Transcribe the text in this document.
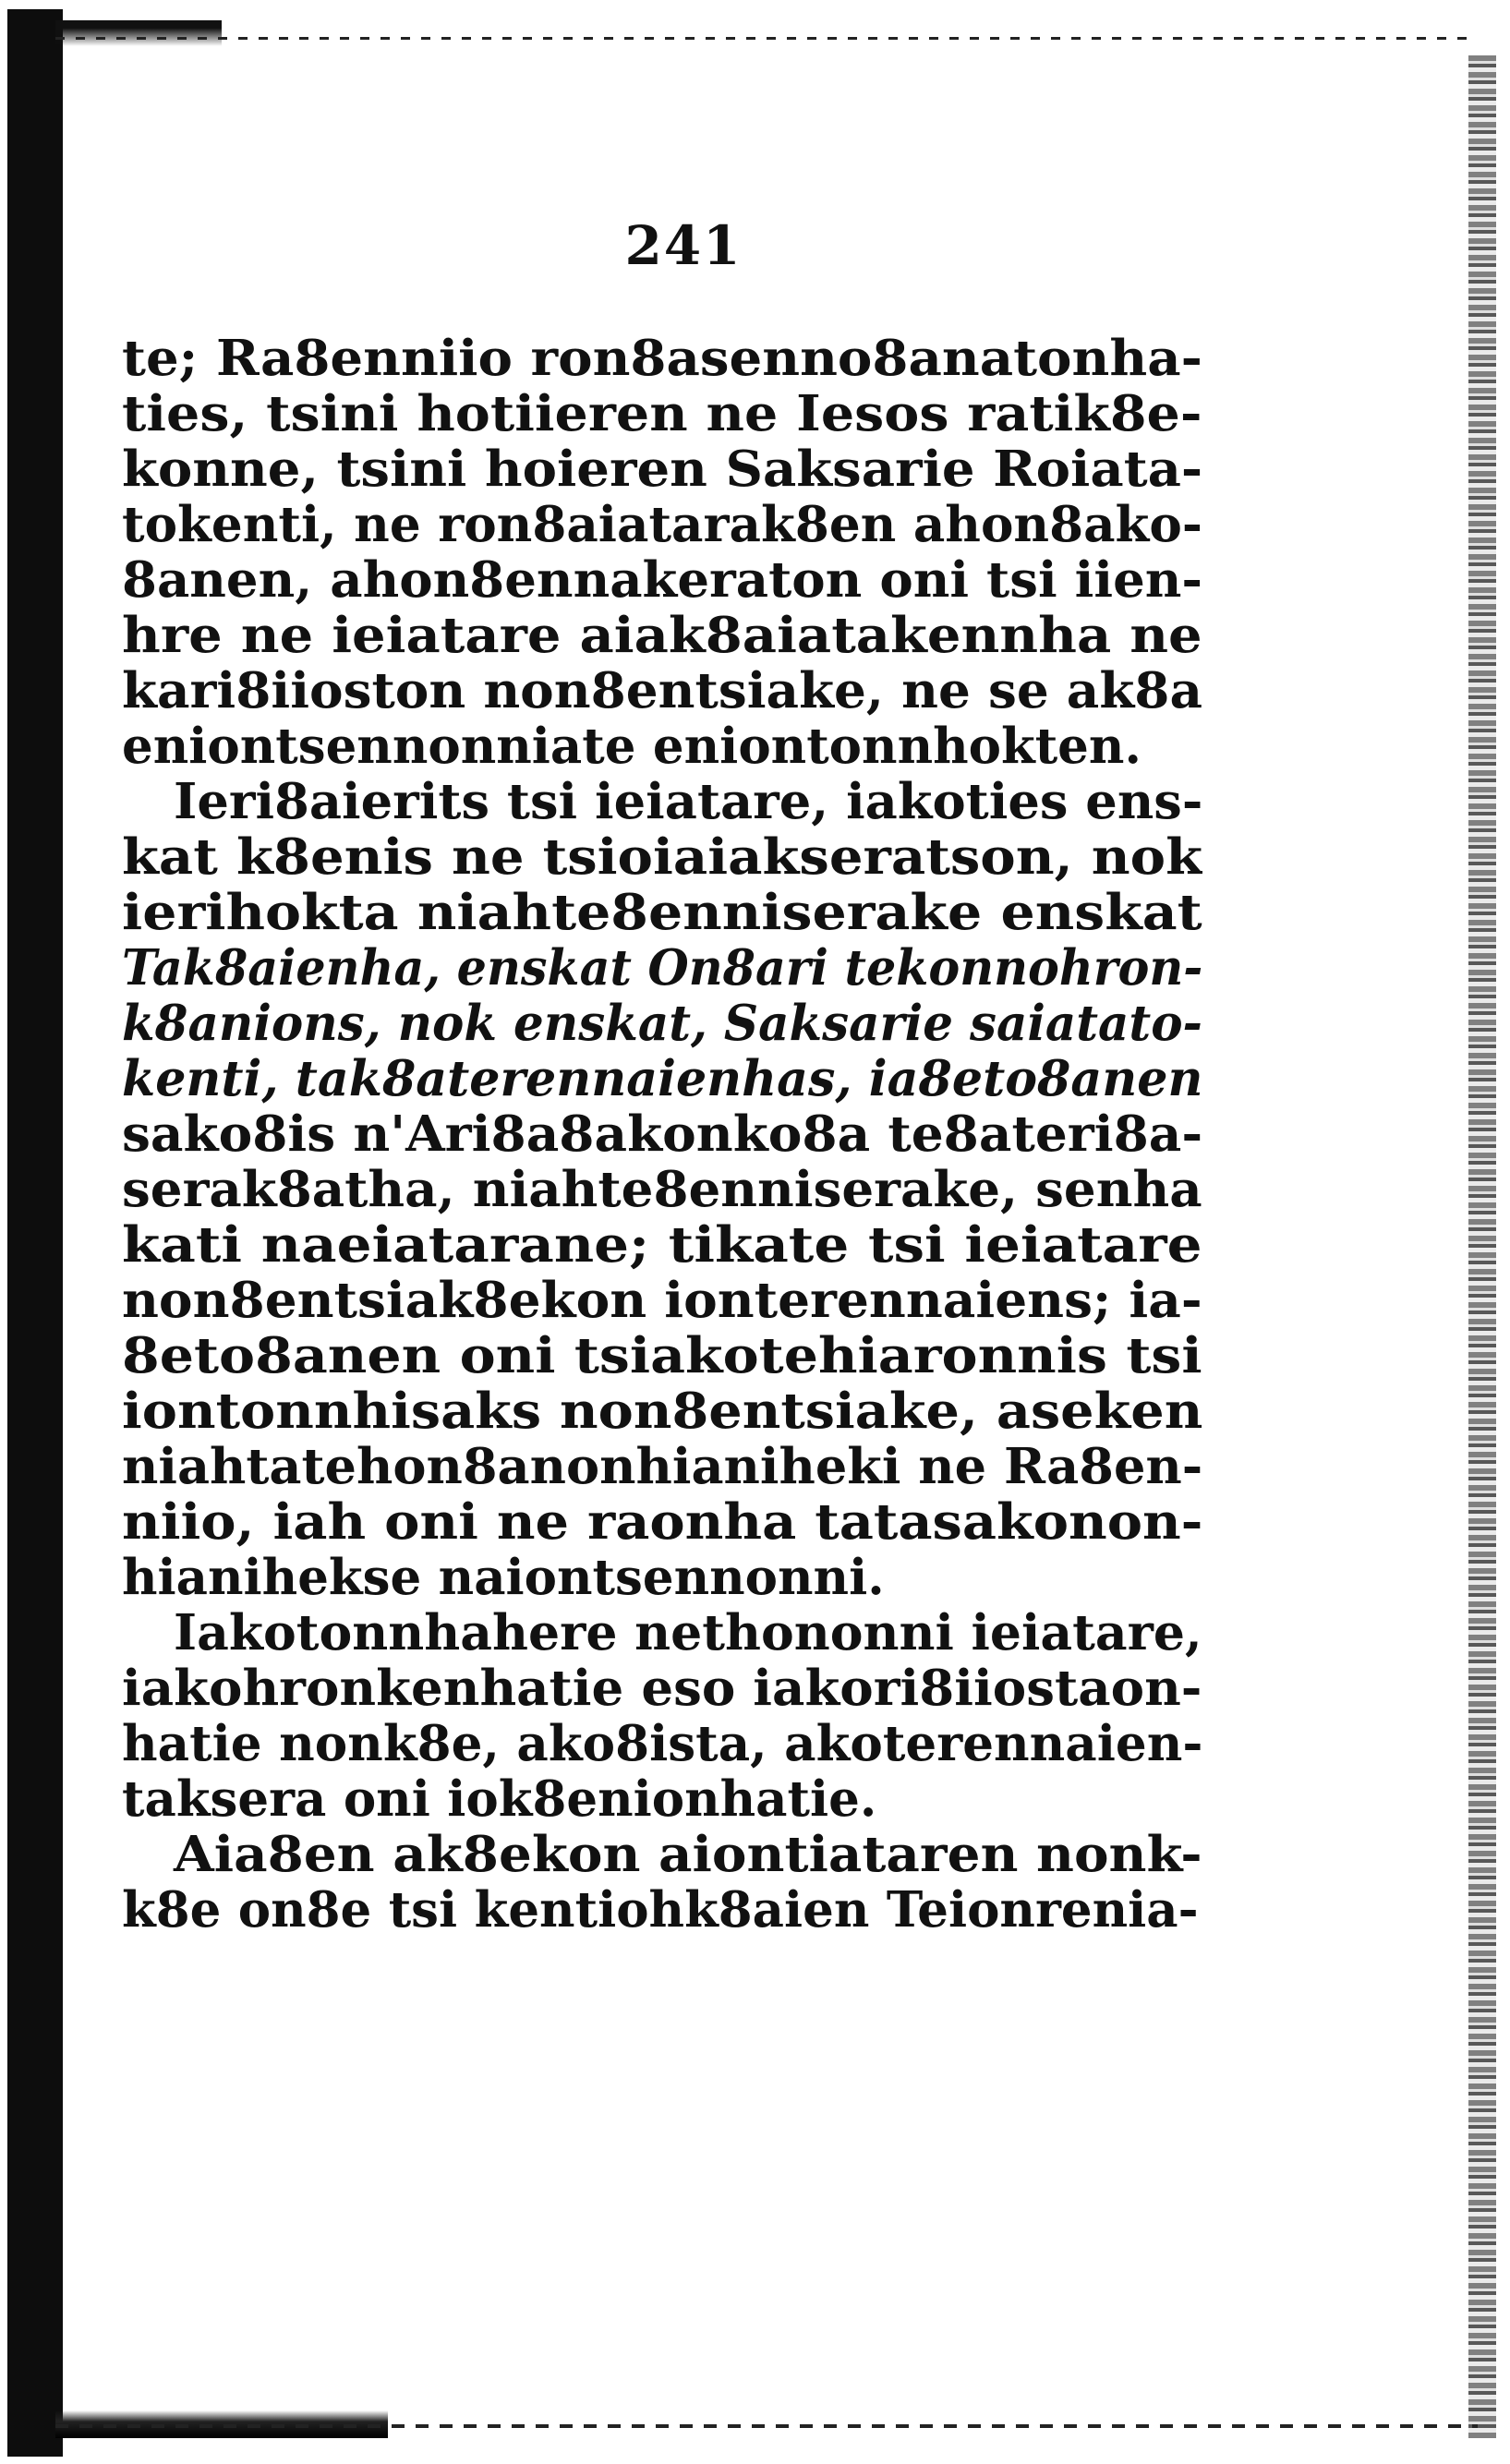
241
te; Ra8enniio ron8asenno8anatonha-
ties, tsini hotiieren ne Iesos ratik8e-
konne, tsini hoieren Saksarie Roiata-
tokenti, ne ron8aiatarak8en ahon8ako-
8anen, ahon8ennakeraton oni tsi iien-
hre ne ieiatare aiak8aiatakennha ne
kari8iioston non8entsiake, ne se ak8a
eniontsennonniate eniontonnhokten.
Ieri8aierits tsi ieiatare, iakoties ens-
kat k8enis ne tsioiaiakseratson, nok
ierihokta niahte8enniserake enskat
Tak8aienha, enskat On8ari tekonnohron-
k8anions, nok enskat, Saksarie saiatato-
kenti, tak8aterennaienhas, ia8eto8anen
sako8is n'Ari8a8akonko8a te8ateri8a-
serak8atha, niahte8enniserake, senha
kati naeiatarane; tikate tsi ieiatare
non8entsiak8ekon ionterennaiens; ia-
8eto8anen oni tsiakotehiaronnis tsi
iontonnhisaks non8entsiake, aseken
niahtatehon8anonhianiheki ne Ra8en-
niio, iah oni ne raonha tatasakonon-
hianihekse naiontsennonni.
Iakotonnhahere nethononni ieiatare,
iakohronkenhatie eso iakori8iiostaon-
hatie nonk8e, ako8ista, akoterennaien-
taksera oni iok8enionhatie.
Aia8en ak8ekon aiontiataren nonk-
k8e on8e tsi kentiohk8aien Teionrenia-
